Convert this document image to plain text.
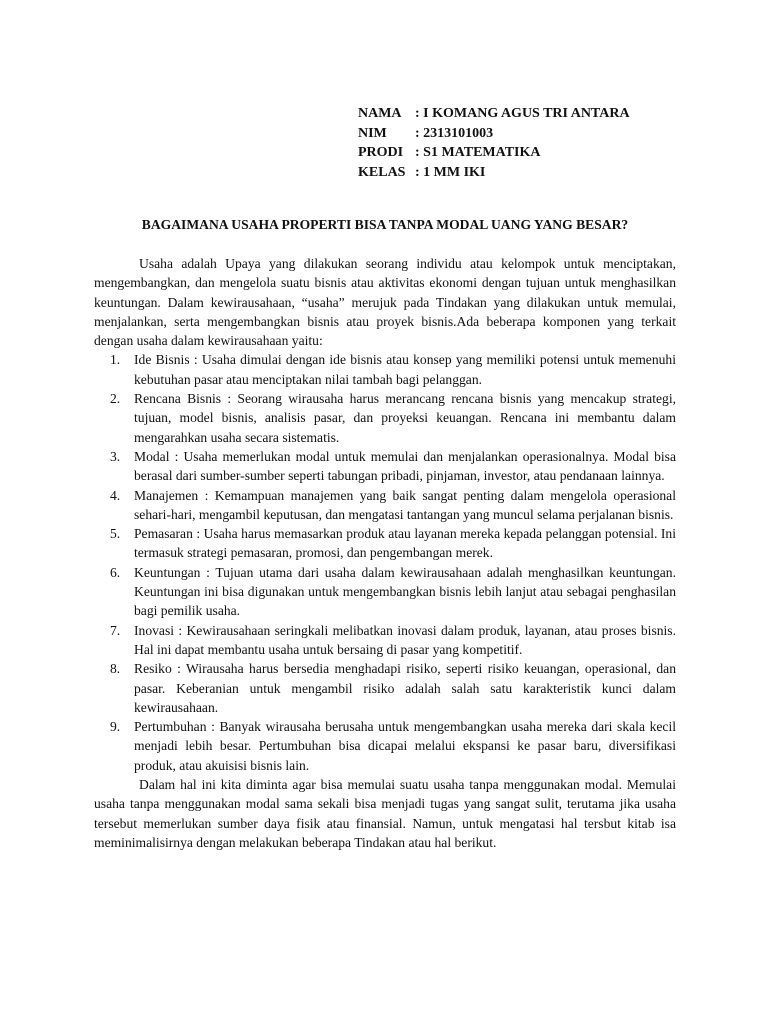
NAMA : I KOMANG AGUS TRI ANTARA
NIM	: 2313101003
PRODI : S1 MATEMATIKA
KELAS : 1 MM IKI
BAGAIMANA USAHA PROPERTI BISA TANPA MODAL UANG YANG BESAR?

Usaha adalah Upaya yang dilakukan seorang individu atau kelompok untuk menciptakan, mengembangkan, dan mengelola suatu bisnis atau aktivitas ekonomi dengan tujuan untuk menghasilkan keuntungan. Dalam kewirausahaan, “usaha” merujuk pada Tindakan yang dilakukan untuk memulai, menjalankan, serta mengembangkan bisnis atau proyek bisnis.Ada beberapa komponen yang terkait dengan usaha dalam kewirausahaan yaitu:

1. Ide Bisnis : Usaha dimulai dengan ide bisnis atau konsep yang memiliki potensi untuk memenuhi kebutuhan pasar atau menciptakan nilai tambah bagi pelanggan.
2. Rencana Bisnis : Seorang wirausaha harus merancang rencana bisnis yang mencakup strategi, tujuan, model bisnis, analisis pasar, dan proyeksi keuangan. Rencana ini membantu dalam mengarahkan usaha secara sistematis.
3. Modal : Usaha memerlukan modal untuk memulai dan menjalankan operasionalnya. Modal bisa berasal dari sumber-sumber seperti tabungan pribadi, pinjaman, investor, atau pendanaan lainnya.
4. Manajemen : Kemampuan manajemen yang baik sangat penting dalam mengelola operasional sehari-hari, mengambil keputusan, dan mengatasi tantangan yang muncul selama perjalanan bisnis.
5. Pemasaran : Usaha harus memasarkan produk atau layanan mereka kepada pelanggan potensial. Ini termasuk strategi pemasaran, promosi, dan pengembangan merek.
6. Keuntungan : Tujuan utama dari usaha dalam kewirausahaan adalah menghasilkan keuntungan. Keuntungan ini bisa digunakan untuk mengembangkan bisnis lebih lanjut atau sebagai penghasilan bagi pemilik usaha.
7. Inovasi : Kewirausahaan seringkali melibatkan inovasi dalam produk, layanan, atau proses bisnis. Hal ini dapat membantu usaha untuk bersaing di pasar yang kompetitif.
8. Resiko : Wirausaha harus bersedia menghadapi risiko, seperti risiko keuangan, operasional, dan pasar. Keberanian untuk mengambil risiko adalah salah satu karakteristik kunci dalam kewirausahaan.
9. Pertumbuhan : Banyak wirausaha berusaha untuk mengembangkan usaha mereka dari skala kecil menjadi lebih besar. Pertumbuhan bisa dicapai melalui ekspansi ke pasar baru, diversifikasi produk, atau akuisisi bisnis lain.

Dalam hal ini kita diminta agar bisa memulai suatu usaha tanpa menggunakan modal. Memulai usaha tanpa menggunakan modal sama sekali bisa menjadi tugas yang sangat sulit, terutama jika usaha tersebut memerlukan sumber daya fisik atau finansial. Namun, untuk mengatasi hal tersbut kitab isa meminimalisirnya dengan melakukan beberapa Tindakan atau hal berikut.
